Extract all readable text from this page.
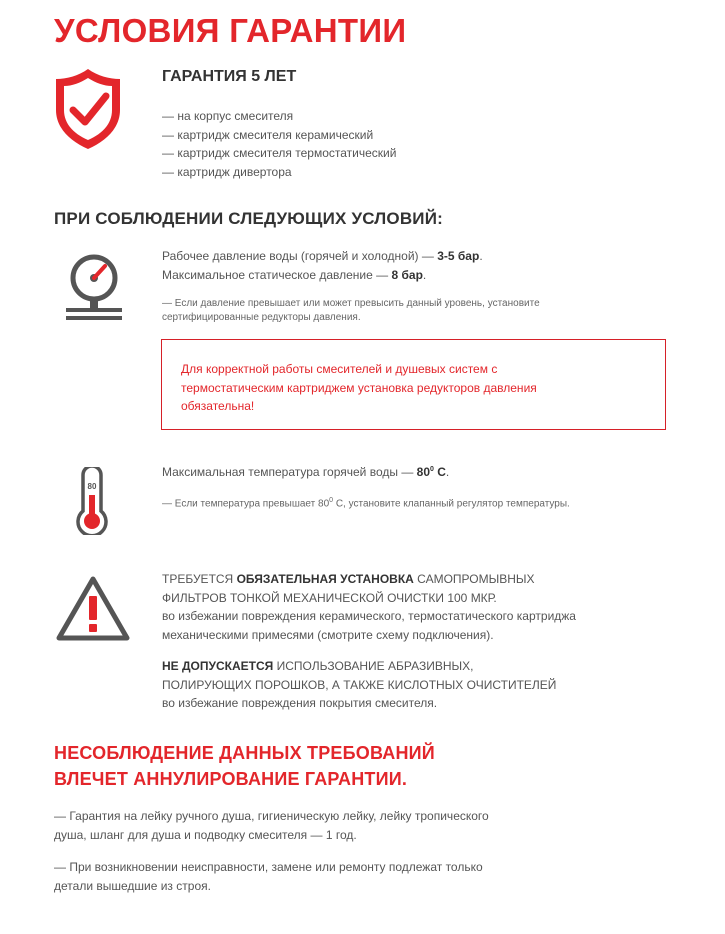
УСЛОВИЯ ГАРАНТИИ
ГАРАНТИЯ 5 ЛЕТ
— на корпус смесителя
— картридж смесителя керамический
— картридж смесителя термостатический
— картридж дивертора
ПРИ СОБЛЮДЕНИИ СЛЕДУЮЩИХ УСЛОВИЙ:
Рабочее давление воды (горячей и холодной) — 3-5 бар.
Максимальное статическое давление — 8 бар.
— Если давление превышает или может превысить данный уровень, установите
сертифицированные редукторы давления.
Для корректной работы смесителей и душевых систем с
термостатическим картриджем установка редукторов давления
обязательна!
80
Максимальная температура горячей воды — $80^0$ С.
— Если температура превышает $80^0$ С, установите клапанный регулятор температуры.
ТРЕБУЕТСЯ ОБЯЗАТЕЛЬНАЯ УСТАНОВКА САМОПРОМЫВНЫХ
ФИЛЬТРОВ ТОНКОЙ МЕХАНИЧЕСКОЙ ОЧИСТКИ 100 МКР.
во избежании повреждения керамического, термостатического картриджа
механическими примесями (смотрите схему подключения).
НЕ ДОПУСКАЕТСЯ ИСПОЛЬЗОВАНИЕ АБРАЗИВНЫХ,
ПОЛИРУЮЩИХ ПОРОШКОВ, А ТАКЖЕ КИСЛОТНЫХ ОЧИСТИТЕЛЕЙ
во избежание повреждения покрытия смесителя.
НЕСОБЛЮДЕНИЕ ДАННЫХ ТРЕБОВАНИЙ
ВЛЕЧЕТ АННУЛИРОВАНИЕ ГАРАНТИИ.
— Гарантия на лейку ручного душа, гигиеническую лейку, лейку тропического
душа, шланг для душа и подводку смесителя — 1 год.
— При возникновении неисправности, замене или ремонту подлежат только
детали вышедшие из строя.
